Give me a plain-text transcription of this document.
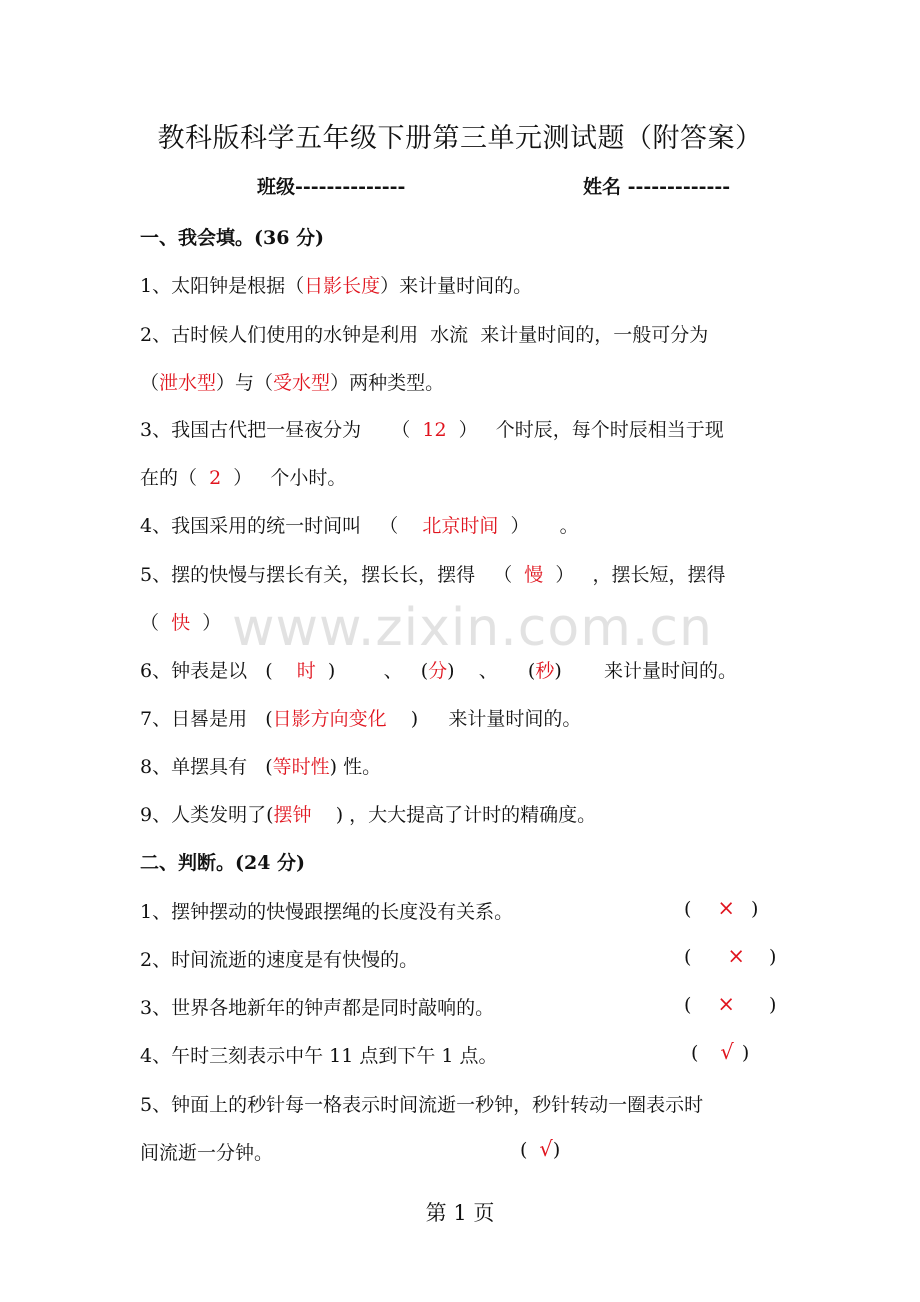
教科版科学五年级下册第三单元测试题（附答案）
班级--------------	姓名 -------------
一、我会填。(36 分)
1、太阳钟是根据（日影长度）来计量时间的。
2、古时候人们使用的水钟是利用  水流  来计量时间的，一般可分为
（泄水型）与（受水型）两种类型。
3、我国古代把一昼夜分为     （  12  ）   个时辰，每个时辰相当于现
在的（  2  ）   个小时。
4、我国采用的统一时间叫   （    北京时间  ）     。
5、摆的快慢与摆长有关，摆长长，摆得   （  慢  ）   ，摆长短，摆得
（  快  ）
6、钟表是以   (    时  )        、   (分)    、     (秒)       来计量时间的。
7、日晷是用   (日影方向变化    )     来计量时间的。
8、单摆具有   (等时性) 性。
9、人类发明了(摆钟    ) ，大大提高了计时的精确度。
二、判断。(24 分)
1、摆钟摆动的快慢跟摆绳的长度没有关系。	( × )
2、时间流逝的速度是有快慢的。	( × )
3、世界各地新年的钟声都是同时敲响的。	( × )
4、午时三刻表示中午 11 点到下午 1 点。	( √ )
5、钟面上的秒针每一格表示时间流逝一秒钟，秒针转动一圈表示时
间流逝一分钟。	( √)
www.zixin.com.cn
第 1 页
